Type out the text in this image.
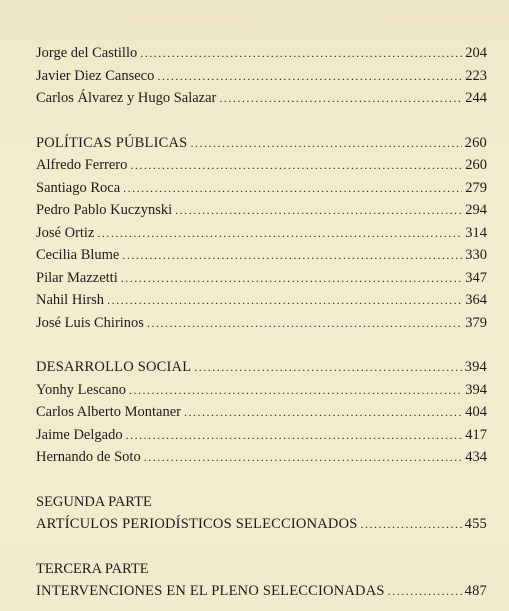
Jorge del Castillo .....	204
Javier Diez Canseco .....	223
Carlos Álvarez y Hugo Salazar .....	244
POLÍTICAS PÚBLICAS .....	260
Alfredo Ferrero .....	260
Santiago Roca .....	279
Pedro Pablo Kuczynski .....	294
José Ortiz .....	314
Cecilia Blume .....	330
Pilar Mazzetti .....	347
Nahil Hirsh .....	364
José Luis Chirinos .....	379
DESARROLLO SOCIAL .....	394
Yonhy Lescano .....	394
Carlos Alberto Montaner .....	404
Jaime Delgado .....	417
Hernando de Soto .....	434
SEGUNDA PARTE
ARTÍCULOS PERIODÍSTICOS SELECCIONADOS .....	455
TERCERA PARTE
INTERVENCIONES EN EL PLENO SELECCIONADAS .....	487
